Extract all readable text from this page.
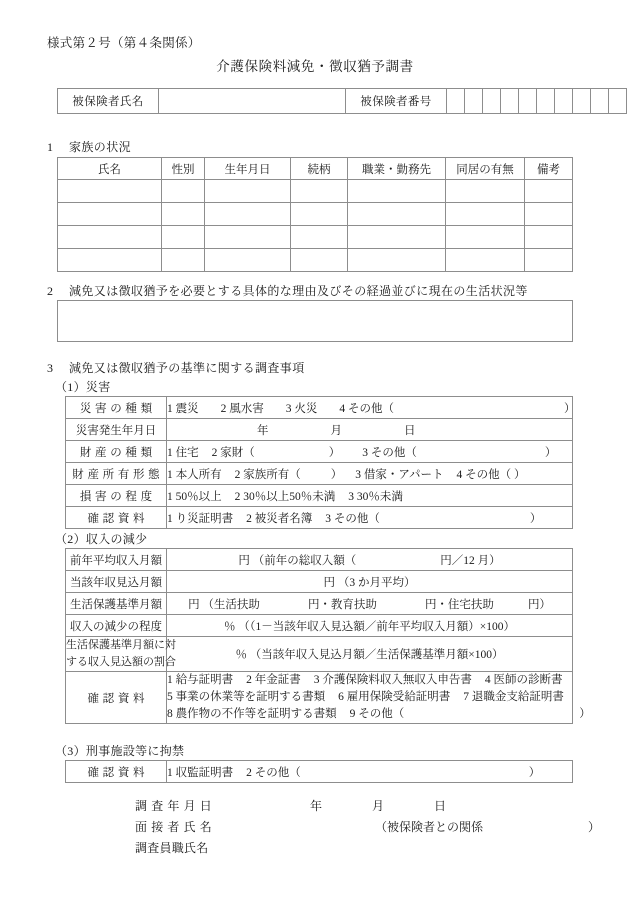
様式第２号（第４条関係）
介護保険料減免・徴収猶予調書
被保険者氏名		被保険者番号										
1 家族の状況
氏名	性別	生年月日	続柄	職業・勤務先	同居の有無	備考

2 減免又は徴収猶予を必要とする具体的な理由及びその経過並びに現在の生活状況等
3 減免又は徴収猶予の基準に関する調査事項
（1）災害
災害の種類	1 震災 2 風水害 3 火災 4 その他（ ）
災害発生年月日	年 月 日
財産の種類	1 住宅 2 家財（ ） 3 その他（ ）
財産所有形態	1 本人所有 2 家族所有（ ） 3 借家・アパート 4 その他（ ）
損害の程度	1 50％以上 2 30％以上50％未満 3 30％未満
確認資料	1 り災証明書 2 被災者名簿 3 その他（ ）
（2）収入の減少
前年平均収入月額	円 （前年の総収入額（ 円／12 月）
当該年収見込月額	円 （3 か月平均）
生活保護基準月額	円 （生活扶助 円・教育扶助 円・住宅扶助 円）
収入の減少の程度	％ （（1－当該年収入見込額／前年平均収入月額）×100）

生活保護基準月額に対
する収入見込額の割合	％ （当該年収入見込月額／生活保護基準月額×100）
確認資料	1 給与証明書 2 年金証書 3 介護保険料収入無収入申告書 4 医師の診断書
5 事業の休業等を証明する書類 6 雇用保険受給証明書 7 退職金支給証明書
8 農作物の不作等を証明する書類 9 その他（ ）
（3）刑事施設等に拘禁
確認資料	1 収監証明書 2 その他（	）
調査年月日	年	月	日
面接者氏名	（被保険者との関係	）
調査員職氏名
